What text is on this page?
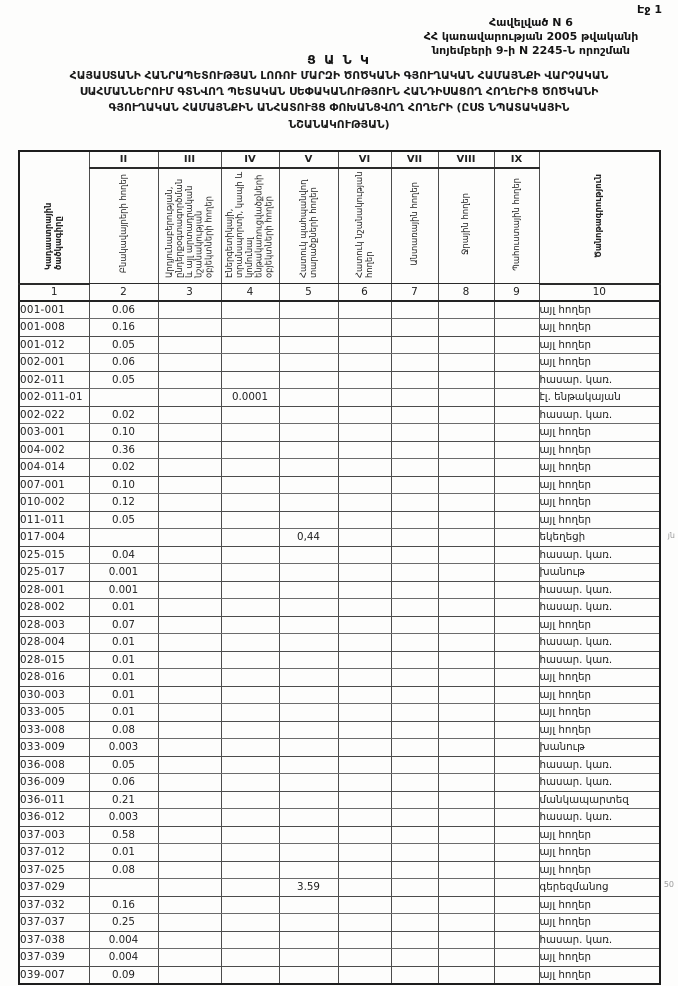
Էջ 1
Հավելված N 6
ՀՀ կառավարության 2005 թվականի
նոյեմբերի 9-ի N 2245-Ն որոշման
Ց Ա Ն Կ
ՀԱՅԱՍՏԱՆԻ ՀԱՆՐԱՊԵՏՈՒԹՅԱՆ ԼՈՌՈՒ ՄԱՐԶԻ ԾՈԾԿԱՆԻ ԳՅՈՒՂԱԿԱՆ ՀԱՄԱՅՆՔԻ ՎԱՐՉԱԿԱՆ
ՍԱՀՄԱՆՆԵՐՈՒՄ ԳՏՆՎՈՂ ՊԵՏԱԿԱՆ ՍԵՓԱԿԱՆՈՒԹՅՈՒՆ ՀԱՆԴԻՍԱՑՈՂ ՀՈՂԵՐԻՑ ԾՈԾԿԱՆԻ
ԳՅՈՒՂԱԿԱՆ ՀԱՄԱՅՆՔԻՆ ԱՆՀԱՏՈՒՅՑ ՓՈԽԱՆՑՎՈՂ ՀՈՂԵՐԻ (ԸՍՏ ՆՊԱՏԱԿԱՅԻՆ
ՆՇԱՆԱԿՈՒԹՅԱՆ)
Կադաստրային ծածկագիրը	II	III	IV	V	VI	VII	VIII	IX	Ծանոթագրություն
	Բնակավայրերի հողեր	Արդյունաբերության, ընդերքօգտագործման և այլ արտադրական նշանակության օբյեկտների հողեր	Էներգետիկայի, տրանսպորտի, կապի և կոմունալ ենթակառուցվածքների օբյեկտների հողեր	Հատուկ պահպանվող տարածքների հողեր	Հատուկ նշանակության հողեր	Անտառային հողեր	Ջրային հողեր	Պահուստային հողեր	
1	2	3	4	5	6	7	8	9	10
001-001	0.06								այլ հողեր
001-008	0.16								այլ հողեր
001-012	0.05								այլ հողեր
002-001	0.06								այլ հողեր
002-011	0.05								հասար. կառ.
002-011-01			0.0001						էլ. ենթակայան
002-022	0.02								հասար. կառ.
003-001	0.10								այլ հողեր
004-002	0.36								այլ հողեր
004-014	0.02								այլ հողեր
007-001	0.10								այլ հողեր
010-002	0.12								այլ հողեր
011-011	0.05								այլ հողեր
017-004				0,44					եկեղեցի
025-015	0.04								հասար. կառ.
025-017	0.001								խանութ
028-001	0.001								հասար. կառ.
028-002	0.01								հասար. կառ.
028-003	0.07								այլ հողեր
028-004	0.01								հասար. կառ.
028-015	0.01								հասար. կառ.
028-016	0.01								այլ հողեր
030-003	0.01								այլ հողեր
033-005	0.01								այլ հողեր
033-008	0.08								այլ հողեր
033-009	0.003								խանութ
036-008	0.05								հասար. կառ.
036-009	0.06								հասար. կառ.
036-011	0.21								մանկապարտեզ
036-012	0.003								հասար. կառ.
037-003	0.58								այլ հողեր
037-012	0.01								այլ հողեր
037-025	0.08								այլ հողեր
037-029				3.59					գերեզմանոց
037-032	0.16								այլ հողեր
037-037	0.25								այլ հողեր
037-038	0.004								հասար. կառ.
037-039	0.004								այլ հողեր
039-007	0.09								այլ հողեր
յն
50
